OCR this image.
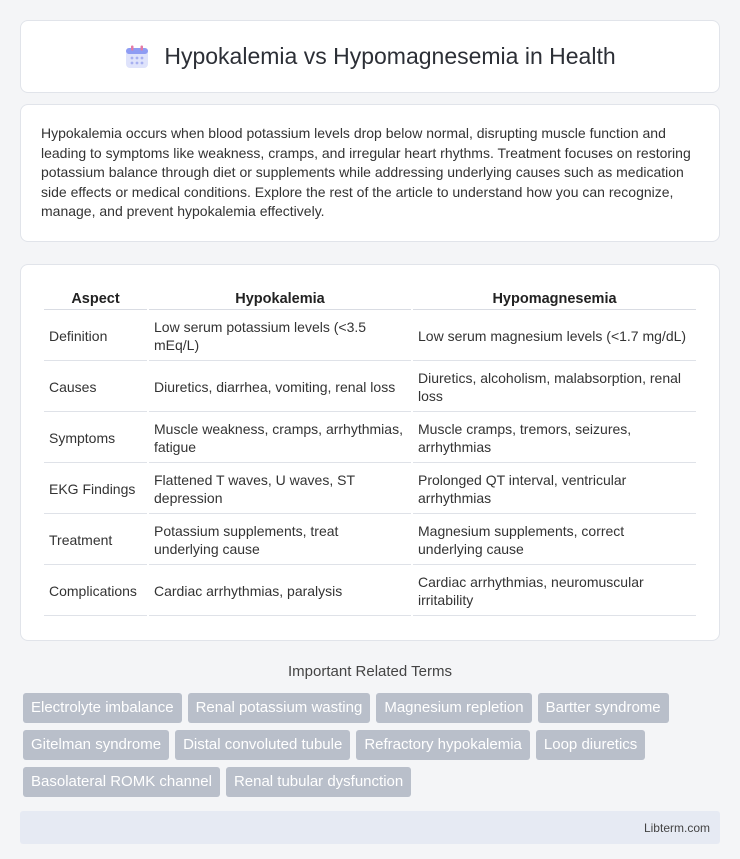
Hypokalemia vs Hypomagnesemia in Health

Hypokalemia occurs when blood potassium levels drop below normal, disrupting muscle function and leading to symptoms like weakness, cramps, and irregular heart rhythms. Treatment focuses on restoring potassium balance through diet or supplements while addressing underlying causes such as medication side effects or medical conditions. Explore the rest of the article to understand how you can recognize, manage, and prevent hypokalemia effectively.

Aspect	Hypokalemia	Hypomagnesemia
Definition	Low serum potassium levels (<3.5 mEq/L)	Low serum magnesium levels (<1.7 mg/dL)
Causes	Diuretics, diarrhea, vomiting, renal loss	Diuretics, alcoholism, malabsorption, renal loss
Symptoms	Muscle weakness, cramps, arrhythmias, fatigue	Muscle cramps, tremors, seizures, arrhythmias
EKG Findings	Flattened T waves, U waves, ST depression	Prolonged QT interval, ventricular arrhythmias
Treatment	Potassium supplements, treat underlying cause	Magnesium supplements, correct underlying cause
Complications	Cardiac arrhythmias, paralysis	Cardiac arrhythmias, neuromuscular irritability
Important Related Terms
Electrolyte imbalance	Renal potassium wasting	Magnesium repletion	Bartter syndrome
Gitelman syndrome	Distal convoluted tubule	Refractory hypokalemia	Loop diuretics
Basolateral ROMK channel	Renal tubular dysfunction
Libterm.com
